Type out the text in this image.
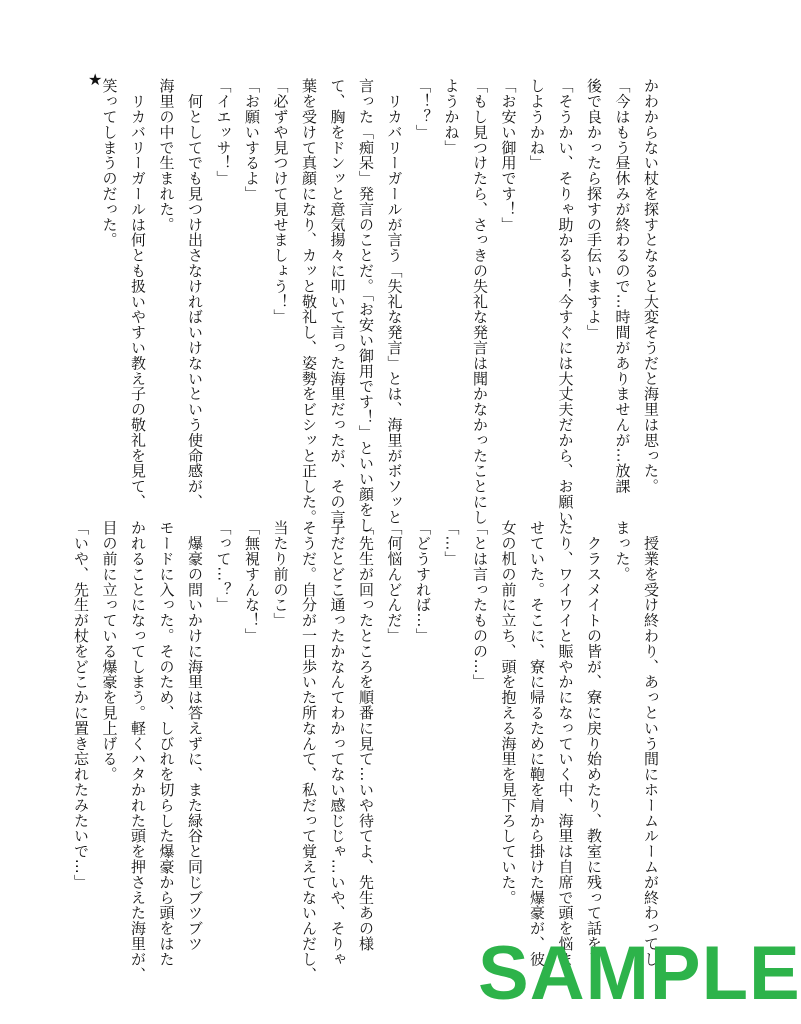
かわからない杖を探すとなると大変そうだと海里は思った。

「今はもう昼休みが終わるので…時間がありませんが…放課

後で良かったら探すの手伝いますよ」

「そうかい、そりゃ助かるよ！今すぐには大丈夫だから、お願い

しようかね」

「お安い御用です！」

「もし見つけたら、さっきの失礼な発言は聞かなかったことにし

ようかね」

「！？」

　リカバリーガールが言う「失礼な発言」とは、海里がボソッと

言った「痴呆」発言のことだ。「お安い御用です！」といい顔をし

て、胸をドンッと意気揚々に叩いて言った海里だったが、その言

葉を受けて真顔になり、カッと敬礼し、姿勢をビシッと正した。

「必ずや見つけて見せましょう！」

「お願いするよ」

「イエッサ！」

　何としてでも見つけ出さなければいけないという使命感が、

海里の中で生まれた。

　リカバリーガールは何とも扱いやすい教え子の敬礼を見て、

笑ってしまうのだった。

★

　授業を受け終わり、あっという間にホームルームが終わってし

まった。

　クラスメイトの皆が、寮に戻り始めたり、教室に残って話をし

たり、ワイワイと賑やかになっていく中、海里は自席で頭を悩ま

せていた。そこに、寮に帰るために鞄を肩から掛けた爆豪が、彼

女の机の前に立ち、頭を抱える海里を見下ろしていた。

「とは言ったものの…」

「…」

「どうすれば…」

「何悩んどんだ」

「先生が回ったところを順番に見て…いや待てよ、先生あの様

子だとどこ通ったかなんてわかってない感じじゃ…いや、そりゃ

そうだ。自分が一日歩いた所なんて、私だって覚えてないんだし、

当たり前のこ」

「無視すんな！」

「って…？」

　爆豪の問いかけに海里は答えずに、また緑谷と同じブツブツ

モードに入った。そのため、しびれを切らした爆豪から頭をはた

かれることになってしまう。軽くハタかれた頭を押さえた海里が、

目の前に立っている爆豪を見上げる。

「いや、先生が杖をどこかに置き忘れたみたいで…」

SAMPLE
